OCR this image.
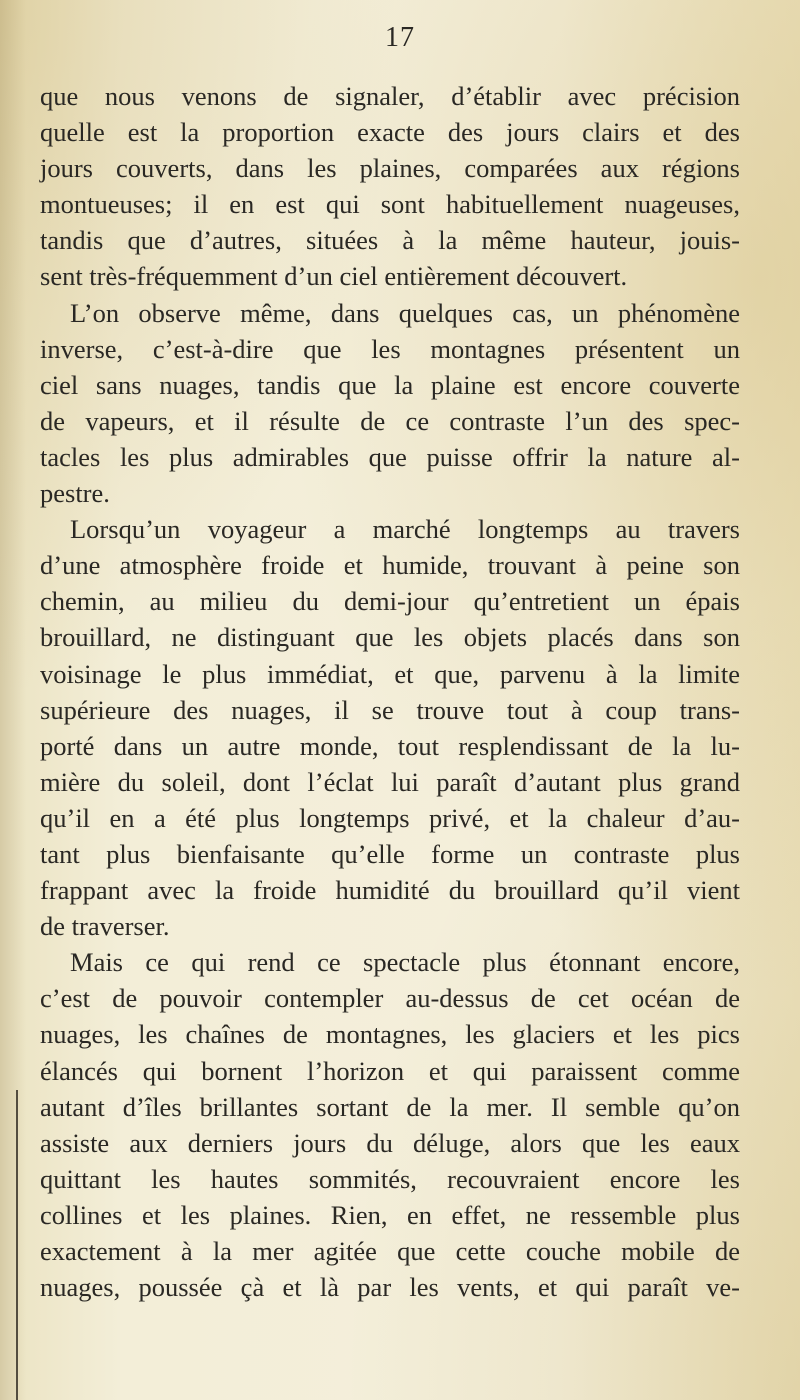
17
que nous venons de signaler, d’établir avec précision
quelle est la proportion exacte des jours clairs et des
jours couverts, dans les plaines, comparées aux régions
montueuses; il en est qui sont habituellement nuageuses,
tandis que d’autres, situées à la même hauteur, jouis-
sent très-fréquemment d’un ciel entièrement découvert.
L’on observe même, dans quelques cas, un phénomène
inverse, c’est-à-dire que les montagnes présentent un
ciel sans nuages, tandis que la plaine est encore couverte
de vapeurs, et il résulte de ce contraste l’un des spec-
tacles les plus admirables que puisse offrir la nature al-
pestre.
Lorsqu’un voyageur a marché longtemps au travers
d’une atmosphère froide et humide, trouvant à peine son
chemin, au milieu du demi-jour qu’entretient un épais
brouillard, ne distinguant que les objets placés dans son
voisinage le plus immédiat, et que, parvenu à la limite
supérieure des nuages, il se trouve tout à coup trans-
porté dans un autre monde, tout resplendissant de la lu-
mière du soleil, dont l’éclat lui paraît d’autant plus grand
qu’il en a été plus longtemps privé, et la chaleur d’au-
tant plus bienfaisante qu’elle forme un contraste plus
frappant avec la froide humidité du brouillard qu’il vient
de traverser.
Mais ce qui rend ce spectacle plus étonnant encore,
c’est de pouvoir contempler au-dessus de cet océan de
nuages, les chaînes de montagnes, les glaciers et les pics
élancés qui bornent l’horizon et qui paraissent comme
autant d’îles brillantes sortant de la mer. Il semble qu’on
assiste aux derniers jours du déluge, alors que les eaux
quittant les hautes sommités, recouvraient encore les
collines et les plaines. Rien, en effet, ne ressemble plus
exactement à la mer agitée que cette couche mobile de
nuages, poussée çà et là par les vents, et qui paraît ve-
